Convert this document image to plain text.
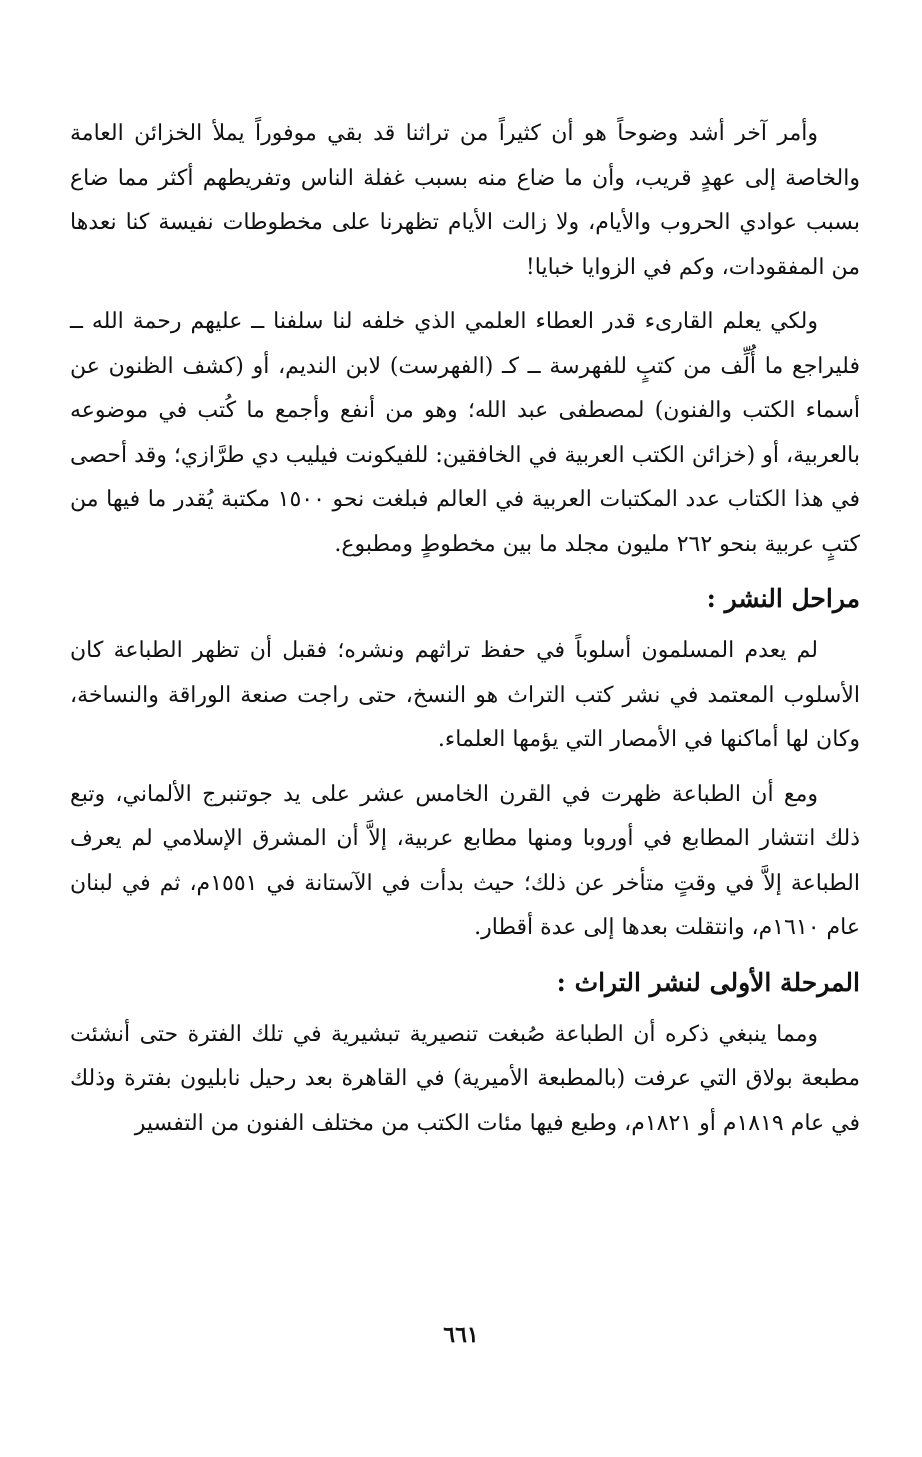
وأمر آخر أشد وضوحاً هو أن كثيراً من تراثنا قد بقي موفوراً يملأ الخزائن العامة والخاصة إلى عهدٍ قريب، وأن ما ضاع منه بسبب غفلة الناس وتفريطهم أكثر مما ضاع بسبب عوادي الحروب والأيام، ولا زالت الأيام تظهرنا على مخطوطات نفيسة كنا نعدها من المفقودات، وكم في الزوايا خبايا!

ولكي يعلم القارىء قدر العطاء العلمي الذي خلفه لنا سلفنا ــ عليهم رحمة الله ــ فليراجع ما أُلِّف من كتبٍ للفهرسة ــ كـ (الفهرست) لابن النديم، أو (كشف الظنون عن أسماء الكتب والفنون) لمصطفى عبد الله؛ وهو من أنفع وأجمع ما كُتب في موضوعه بالعربية، أو (خزائن الكتب العربية في الخافقين: للفيكونت فيليب دي طرَّازي؛ وقد أحصى في هذا الكتاب عدد المكتبات العربية في العالم فبلغت نحو ١٥٠٠ مكتبة يُقدر ما فيها من كتبٍ عربية بنحو ٢٦٢ مليون مجلد ما بين مخطوطٍ ومطبوع.

مراحل النشر :

لم يعدم المسلمون أسلوباً في حفظ تراثهم ونشره؛ فقبل أن تظهر الطباعة كان الأسلوب المعتمد في نشر كتب التراث هو النسخ، حتى راجت صنعة الوراقة والنساخة، وكان لها أماكنها في الأمصار التي يؤمها العلماء.

ومع أن الطباعة ظهرت في القرن الخامس عشر على يد جوتنبرج الألماني، وتبع ذلك انتشار المطابع في أوروبا ومنها مطابع عربية، إلاَّ أن المشرق الإسلامي لم يعرف الطباعة إلاَّ في وقتٍ متأخر عن ذلك؛ حيث بدأت في الآستانة في ١٥٥١م، ثم في لبنان عام ١٦١٠م، وانتقلت بعدها إلى عدة أقطار.

المرحلة الأولى لنشر التراث :

ومما ينبغي ذكره أن الطباعة صُبغت تنصيرية تبشيرية في تلك الفترة حتى أنشئت مطبعة بولاق التي عرفت (بالمطبعة الأميرية) في القاهرة بعد رحيل نابليون بفترة وذلك في عام ١٨١٩م أو ١٨٢١م، وطبع فيها مئات الكتب من مختلف الفنون من التفسير

٦٦١
